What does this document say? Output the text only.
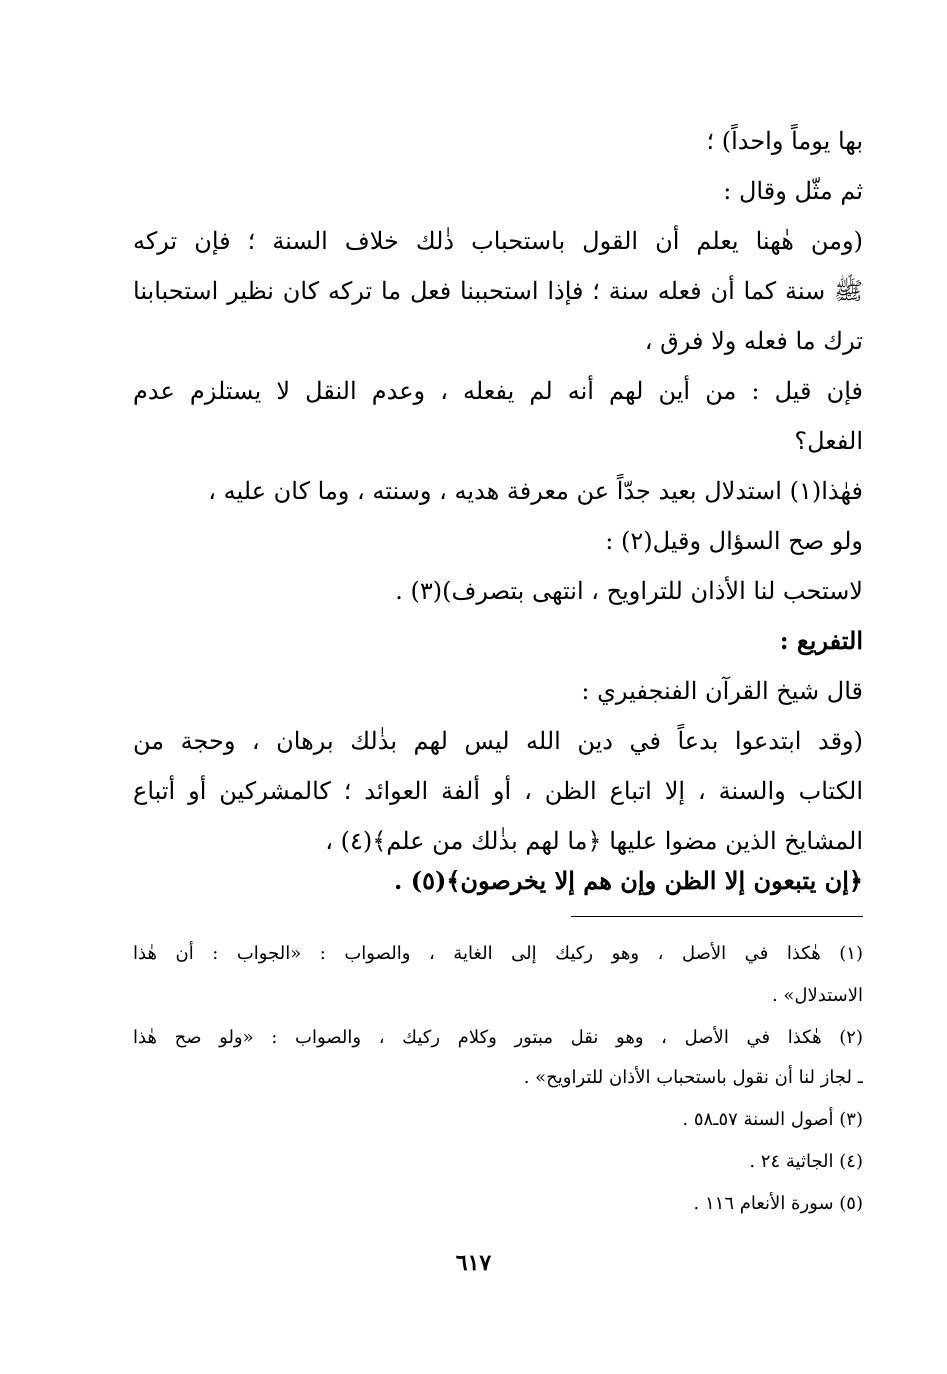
بها يوماً واحداً) ؛
ثم مثّل وقال :
(ومن هٰهنا يعلم أن القول باستحباب ذٰلك خلاف السنة ؛ فإن تركه
ﷺ سنة كما أن فعله سنة ؛ فإذا استحببنا فعل ما تركه كان نظير استحبابنا
ترك ما فعله ولا فرق ،
فإن قيل : من أين لهم أنه لم يفعله ، وعدم النقل لا يستلزم عدم
الفعل؟
فهٰذا(١) استدلال بعيد جدّاً عن معرفة هديه ، وسنته ، وما كان عليه ،
ولو صح السؤال وقيل(٢) :
لاستحب لنا الأذان للتراويح ، انتهى بتصرف)(٣) .
التفريع :
قال شيخ القرآن الفنجفيري :
(وقد ابتدعوا بدعاً في دين الله ليس لهم بذٰلك برهان ، وحجة من
الكتاب والسنة ، إلا اتباع الظن ، أو ألفة العوائد ؛ كالمشركين أو أتباع
المشايخ الذين مضوا عليها ﴿ما لهم بذٰلك من علم﴾(٤) ،
﴿إن يتبعون إلا الظن وإن هم إلا يخرصون﴾(٥) .
(١) هٰكذا في الأصل ، وهو ركيك إلى الغاية ، والصواب : «الجواب : أن هٰذا
الاستدلال» .
(٢) هٰكذا في الأصل ، وهو نقل مبتور وكلام ركيك ، والصواب : «ولو صح هٰذا
ـ لجاز لنا أن نقول باستحباب الأذان للتراويح» .
(٣) أصول السنة ٥٧ـ٥٨ .
(٤) الجاثية ٢٤ .
(٥) سورة الأنعام ١١٦ .
٦١٧
